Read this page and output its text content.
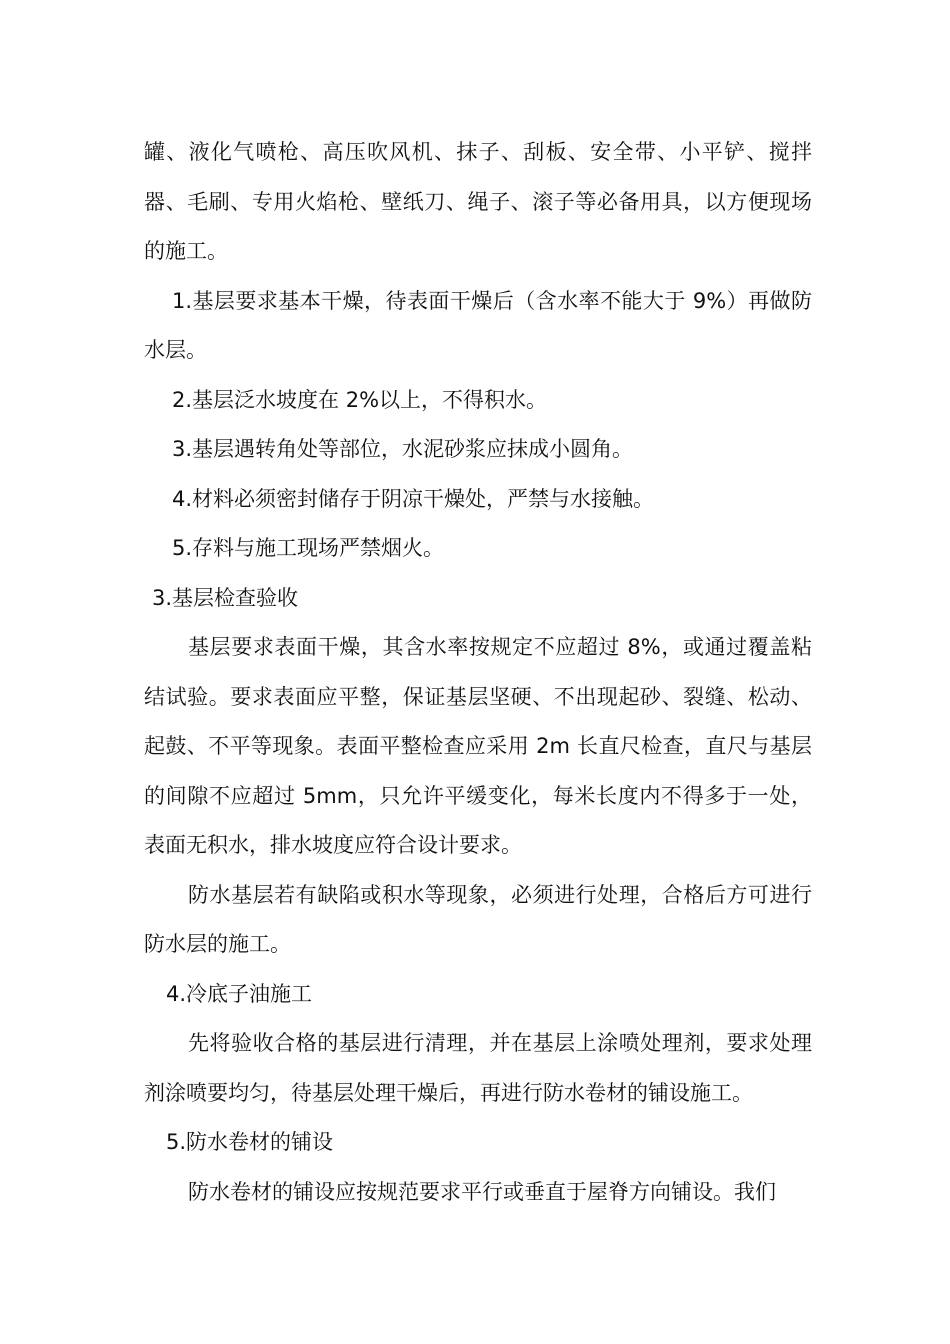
罐、液化气喷枪、高压吹风机、抹子、刮板、安全带、小平铲、搅拌器、毛刷、专用火焰枪、壁纸刀、绳子、滚子等必备用具，以方便现场的施工。

1.基层要求基本干燥，待表面干燥后（含水率不能大于 9%）再做防水层。

2.基层泛水坡度在 2%以上，不得积水。

3.基层遇转角处等部位，水泥砂浆应抹成小圆角。

4.材料必须密封储存于阴凉干燥处，严禁与水接触。

5.存料与施工现场严禁烟火。

3.基层检查验收

基层要求表面干燥，其含水率按规定不应超过 8%，或通过覆盖粘结试验。要求表面应平整，保证基层坚硬、不出现起砂、裂缝、松动、起鼓、不平等现象。表面平整检查应采用 2m 长直尺检查，直尺与基层的间隙不应超过 5mm，只允许平缓变化，每米长度内不得多于一处，表面无积水，排水坡度应符合设计要求。

防水基层若有缺陷或积水等现象，必须进行处理，合格后方可进行防水层的施工。

4.冷底子油施工

先将验收合格的基层进行清理，并在基层上涂喷处理剂，要求处理剂涂喷要均匀，待基层处理干燥后，再进行防水卷材的铺设施工。

5.防水卷材的铺设

防水卷材的铺设应按规范要求平行或垂直于屋脊方向铺设。我们
